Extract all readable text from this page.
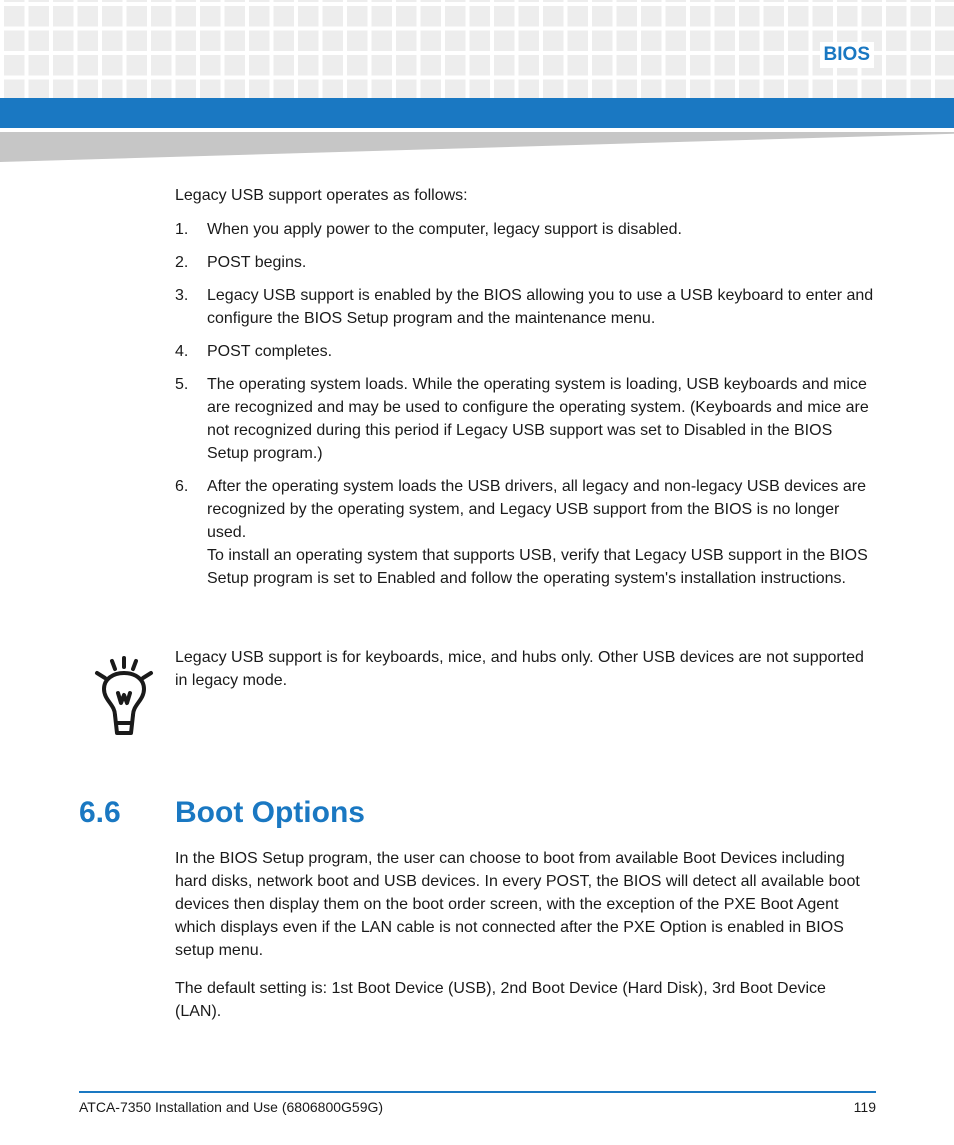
BIOS

Legacy USB support operates as follows:

1. When you apply power to the computer, legacy support is disabled.
2. POST begins.
3. Legacy USB support is enabled by the BIOS allowing you to use a USB keyboard to enter and configure the BIOS Setup program and the maintenance menu.
4. POST completes.
5. The operating system loads. While the operating system is loading, USB keyboards and mice are recognized and may be used to configure the operating system. (Keyboards and mice are not recognized during this period if Legacy USB support was set to Disabled in the BIOS Setup program.)
6. After the operating system loads the USB drivers, all legacy and non-legacy USB devices are recognized by the operating system, and Legacy USB support from the BIOS is no longer used.
To install an operating system that supports USB, verify that Legacy USB support in the BIOS Setup program is set to Enabled and follow the operating system's installation instructions.
Legacy USB support is for keyboards, mice, and hubs only. Other USB devices are not supported in legacy mode.
6.6 Boot Options

In the BIOS Setup program, the user can choose to boot from available Boot Devices including hard disks, network boot and USB devices. In every POST, the BIOS will detect all available boot devices then display them on the boot order screen, with the exception of the PXE Boot Agent which displays even if the LAN cable is not connected after the PXE Option is enabled in BIOS setup menu.

The default setting is: 1st Boot Device (USB), 2nd Boot Device (Hard Disk), 3rd Boot Device (LAN).

ATCA-7350 Installation and Use (6806800G59G)	119
